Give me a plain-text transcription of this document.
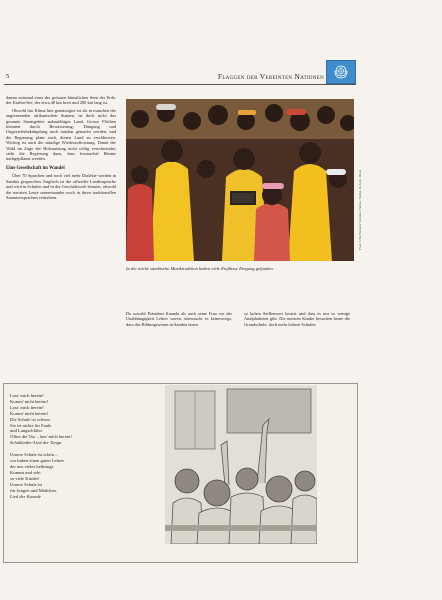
5	Flaggen der Vereinten Nationen

damm entstand einer der grössten künstlichen Seen der Erde, der Kariba-See, der etwa 40 km breit und 280 km lang ist.

Obwohl das Klima hier gemässigter ist als in manchen der angrenzenden afrikanischen Staaten, ist doch nicht das gesamte Staatsgebiet anbaufähiges Land. Grosse Flächen könnten durch Bewässerung, Düngung und Ungezieferbekämpfung noch nutzbar gemacht werden, und die Regierung plant auch, diesen Land zu erschliessen. Wichtig ist auch die ständige Wiederaufforstung. Damit der Wald im Zuge der Holznutzung nicht völlig verschwindet, sieht die Regierung dazu, dass forstarchal Bäume nachgepflanzt werden.

Eine Gesellschaft im Wandel

Über 70 Sprachen und noch viel mehr Dialekte werden in Sambia gesprochen. Englisch ist die offizielle Landessprache und wird in Schulen und in der Geschäftswelt benutzt, obwohl die meisten Leute untereinander noch in ihren traditionellen Stammessprachen verkehren.	Foto: Ulla Heberer Waldner-Weber, Stuttg. & Arch. Benz
In die reiche sambische Musiktradition haben viele Einflüsse Eingang gefunden.

Da sowohl Präsident Kaunda als auch seine Frau vor der Unabhängigkeit Lehrer waren, überrascht es keineswegs, dass das Bildungswesen in Sambia einen

so hohen Stellenwert besitzt und dass es nur so wenige Analphabeten gibt. Die meisten Kinder besuchen heute die Grundschule, doch mehr höhere Schulen

Lass' mich herein!
Komm' nicht herein!
Lass' mich herein!
Komm' nicht herein!
Die Schule ist schwer.
Sie ist nichts für Faule
und Langschläfer.
Öffne die Tür – lass' mich herein!
Schulkinder-Lied der Tonga
Unsere Schule ist schön –
wir haben einen guten Lehrer
der uns vieles beibringt.
Kommt und seht
so viele Kinder!
Unsere Schule ist
für Jungen und Mädchen.
Lied der Kaonde
